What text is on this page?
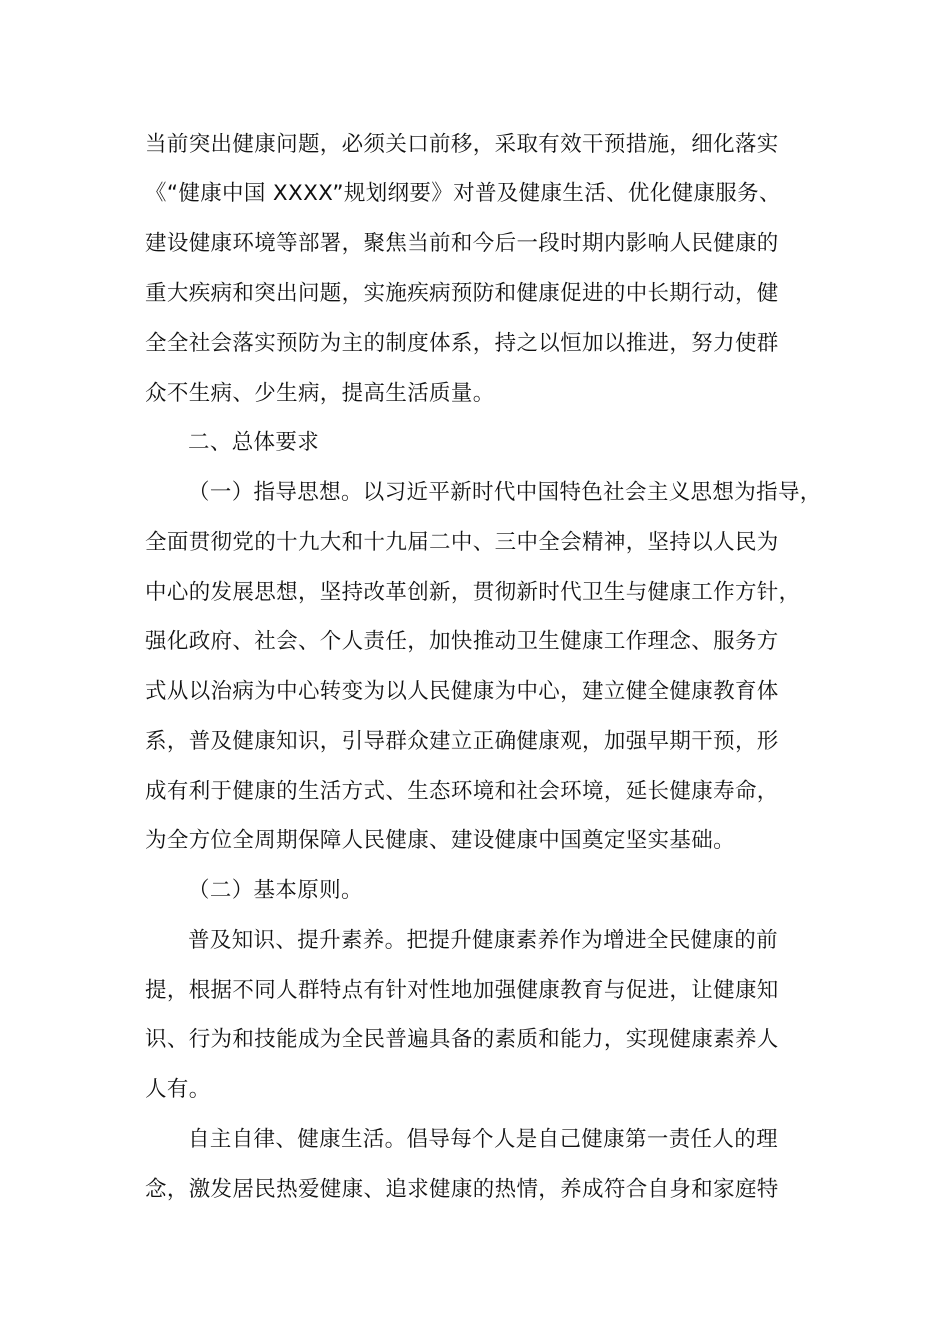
当前突出健康问题，必须关口前移，采取有效干预措施，细化落实
《“健康中国 XXXX”规划纲要》对普及健康生活、优化健康服务、
建设健康环境等部署，聚焦当前和今后一段时期内影响人民健康的
重大疾病和突出问题，实施疾病预防和健康促进的中长期行动，健
全全社会落实预防为主的制度体系，持之以恒加以推进，努力使群
众不生病、少生病，提高生活质量。
二、总体要求
（一）指导思想。以习近平新时代中国特色社会主义思想为指导，
全面贯彻党的十九大和十九届二中、三中全会精神，坚持以人民为
中心的发展思想，坚持改革创新，贯彻新时代卫生与健康工作方针，
强化政府、社会、个人责任，加快推动卫生健康工作理念、服务方
式从以治病为中心转变为以人民健康为中心，建立健全健康教育体
系，普及健康知识，引导群众建立正确健康观，加强早期干预，形
成有利于健康的生活方式、生态环境和社会环境，延长健康寿命，
为全方位全周期保障人民健康、建设健康中国奠定坚实基础。
（二）基本原则。
普及知识、提升素养。把提升健康素养作为增进全民健康的前
提，根据不同人群特点有针对性地加强健康教育与促进，让健康知
识、行为和技能成为全民普遍具备的素质和能力，实现健康素养人
人有。
自主自律、健康生活。倡导每个人是自己健康第一责任人的理
念，激发居民热爱健康、追求健康的热情，养成符合自身和家庭特
